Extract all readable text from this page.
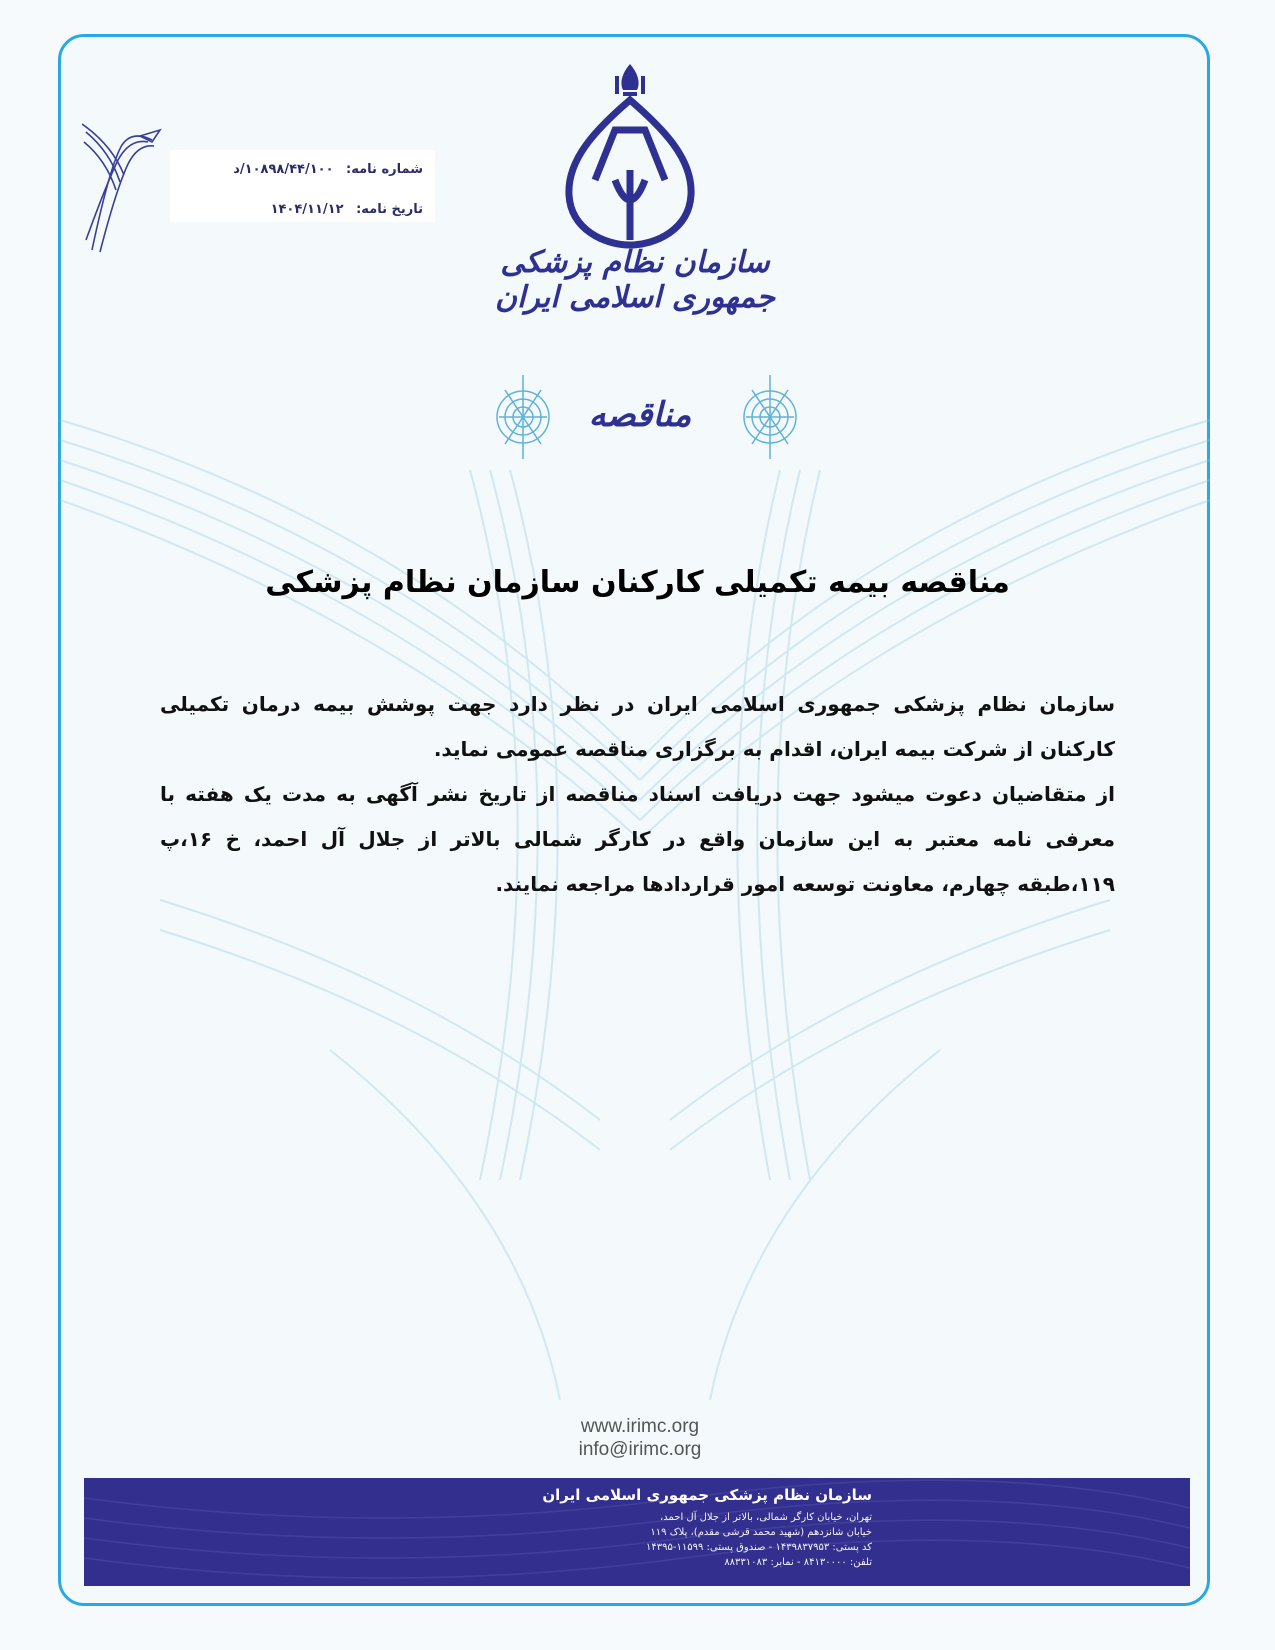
سازمان نظام پزشکی جمهوری اسلامی ایران
شماره نامه: ۱۰۸۹۸/۴۴/۱۰۰/د
تاریخ نامه: ۱۴۰۴/۱۱/۱۲
مناقصه
مناقصه بیمه تکمیلی کارکنان سازمان نظام پزشکی

سازمان نظام پزشکی جمهوری اسلامی ایران در نظر دارد جهت پوشش بیمه درمان تکمیلی کارکنان از شرکت بیمه ایران، اقدام به برگزاری مناقصه عمومی نماید.

از متقاضیان دعوت میشود جهت دریافت اسناد مناقصه از تاریخ نشر آگهی به مدت یک هفته با معرفی نامه معتبر به این سازمان واقع در کارگر شمالی بالاتر از جلال آل احمد، خ ۱۶،پ ۱۱۹،طبقه چهارم، معاونت توسعه امور قراردادها مراجعه نمایند.

www.irimc.org
info@irimc.org
سازمان نظام پزشکی جمهوری اسلامی ایران
تهران، خیابان کارگر شمالی، بالاتر از جلال آل احمد،
خیابان شانزدهم (شهید محمد قرشی مقدم)، پلاک ۱۱۹
کد پستی: ۱۴۳۹۸۳۷۹۵۳ - صندوق پستی: ۱۱۵۹۹-۱۴۳۹۵
تلفن: ۸۴۱۳۰۰۰۰ - نمابر: ۸۸۳۳۱۰۸۳
